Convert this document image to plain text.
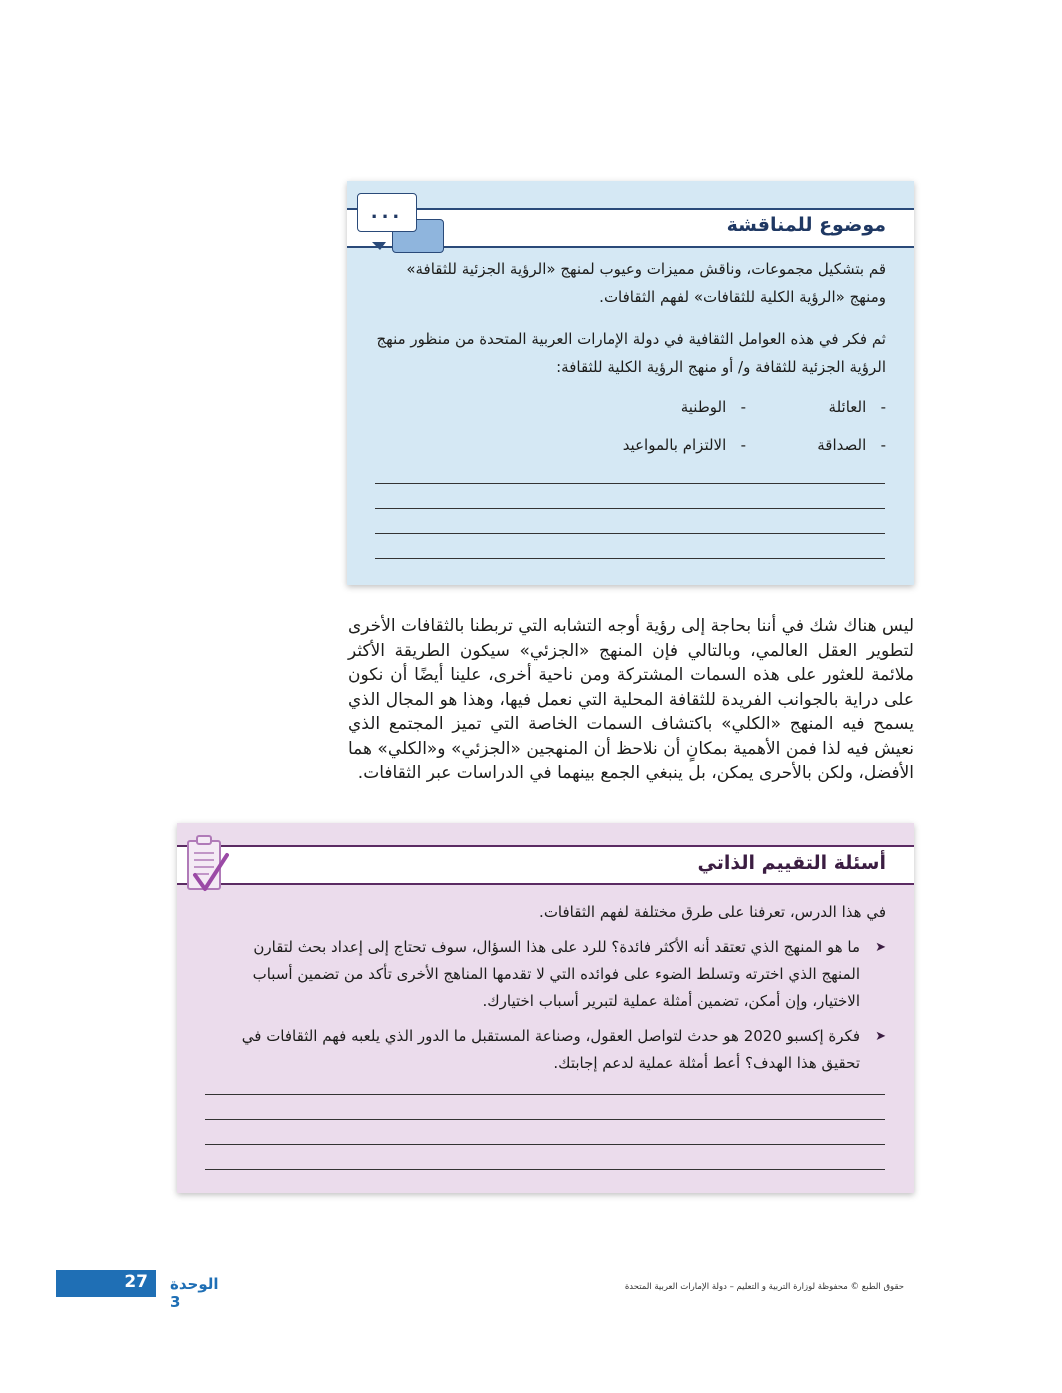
موضوع للمناقشة
...

قم بتشكيل مجموعات، وناقش مميزات وعيوب لمنهج «الرؤية الجزئية للثقافة» ومنهج «الرؤية الكلية للثقافات» لفهم الثقافات.

ثم فكر في هذه العوامل الثقافية في دولة الإمارات العربية المتحدة من منظور منهج الرؤية الجزئية للثقافة و/ أو منهج الرؤية الكلية للثقافة:

-   العائلة
-   الوطنية
-   الصداقة
-   الالتزام بالمواعيد
ليس هناك شك في أننا بحاجة إلى رؤية أوجه التشابه التي تربطنا بالثقافات الأخرى لتطوير العقل العالمي، وبالتالي فإن المنهج «الجزئي» سيكون الطريقة الأكثر ملائمة للعثور على هذه السمات المشتركة ومن ناحية أخرى، علينا أيضًا أن نكون على دراية بالجوانب الفريدة للثقافة المحلية التي نعمل فيها، وهذا هو المجال الذي يسمح فيه المنهج «الكلي» باكتشاف السمات الخاصة التي تميز المجتمع الذي نعيش فيه لذا فمن الأهمية بمكانٍ أن نلاحظ أن المنهجين «الجزئي» و«الكلي» هما الأفضل، ولكن بالأحرى يمكن، بل ينبغي الجمع بينهما في الدراسات عبر الثقافات.
أسئلة التقييم الذاتي

في هذا الدرس، تعرفنا على طرق مختلفة لفهم الثقافات.

➤
ما هو المنهج الذي تعتقد أنه الأكثر فائدة؟ للرد على هذا السؤال، سوف تحتاج إلى إعداد بحث لتقارن المنهج الذي اخترته وتسلط الضوء على فوائده التي لا تقدمها المناهج الأخرى تأكد من تضمين أسباب الاختيار، وإن أمكن، تضمين أمثلة عملية لتبرير أسباب اختيارك.
➤
فكرة إكسبو 2020 هو حدث لتواصل العقول، وصناعة المستقبل ما الدور الذي يلعبه فهم الثقافات في تحقيق هذا الهدف؟ أعط أمثلة عملية لدعم إجابتك.
27 الوحدة 3
حقوق الطبع © محفوظة لوزارة التربية و التعليم – دولة الإمارات العربية المتحدة
